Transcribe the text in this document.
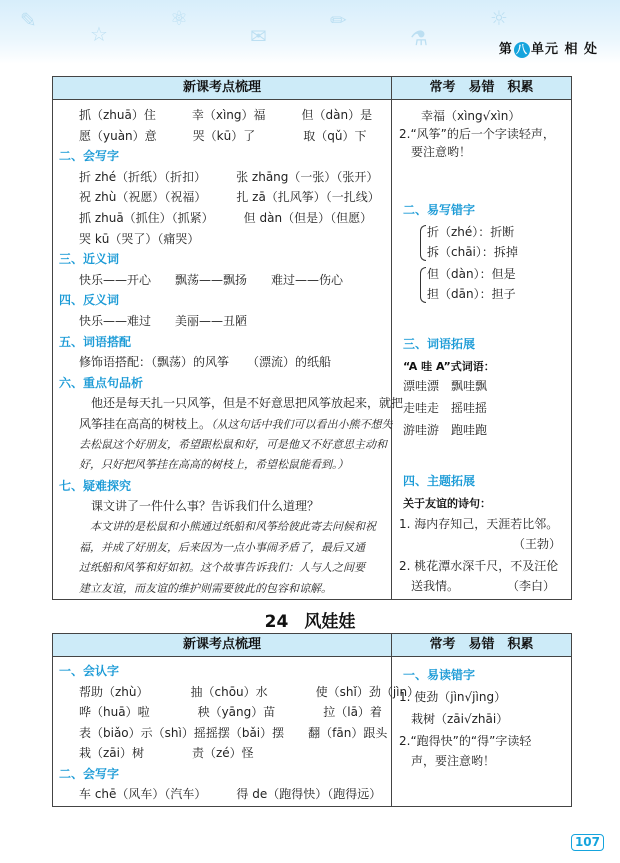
✎
☆
⚛
✉
✏
⚗
☼
第 八 单元 相 处
新课考点梳理	常考　易错　积累
抓（zhuā）住　　　幸（xìng）福　　　但（dàn）是
愿（yuàn）意　　　哭（kū）了　　　　取（qǔ）下
二、会写字
折 zhé（折纸）（折扣）　　　张 zhāng（一张）（张开）
祝 zhù（祝愿）（祝福）　　　扎 zā（扎风筝）（一扎线）
抓 zhuā（抓住）（抓紧）　　　但 dàn（但是）（但愿）
哭 kū（哭了）（痛哭）
三、近义词
快乐——开心　　飘荡——飘扬　　难过——伤心
四、反义词
快乐——难过　　美丽——丑陋
五、词语搭配
修饰语搭配：（飘荡）的风筝　　（漂流）的纸船
六、重点句品析
　他还是每天扎一只风筝，但是不好意思把风筝放起来，就把
风筝挂在高高的树枝上。（从这句话中我们可以看出小熊不想失
去松鼠这个好朋友，希望跟松鼠和好，可是他又不好意思主动和
好，只好把风筝挂在高高的树枝上，希望松鼠能看到。）
七、疑难探究
　课文讲了一件什么事？告诉我们什么道理？
　本文讲的是松鼠和小熊通过纸船和风筝给彼此寄去问候和祝
福，并成了好朋友，后来因为一点小事闹矛盾了，最后又通
过纸船和风筝和好如初。这个故事告诉我们：人与人之间要
建立友谊，而友谊的维护则需要彼此的包容和谅解。
幸福（xìng√xìn）
2.“风筝”的后一个字读轻声，
　要注意哟！
二、易写错字
折（zhé）：折断
拆（chāi）：拆掉
但（dàn）：但是
担（dān）：担子
三、词语拓展
“A 哇 A”式词语：
漂哇漂　飘哇飘
走哇走　摇哇摇
游哇游　跑哇跑
四、主题拓展
关于友谊的诗句：
1. 海内存知己，天涯若比邻。
　　　　　　　　　　（王勃）
2. 桃花潭水深千尺，不及汪伦
　送我情。　　　　　（李白）
24 风娃娃
新课考点梳理	常考　易错　积累
一、会认字
帮助（zhù）　　　　抽（chōu）水　　　　使（shǐ）劲（jìn）
哗（huā）啦　　　　秧（yāng）苗　　　　拉（lā）着
表（biǎo）示（shì）摇摇摆（bǎi）摆　　翻（fān）跟头
栽（zāi）树　　　　责（zé）怪
二、会写字
车 chē（风车）（汽车）　　　得 de（跑得快）（跑得远）
一、易读错字
1. 使劲（jìn√jìng）
　栽树（zāi√zhāi）
2.“跑得快”的“得”字读轻
　声，要注意哟！
107
